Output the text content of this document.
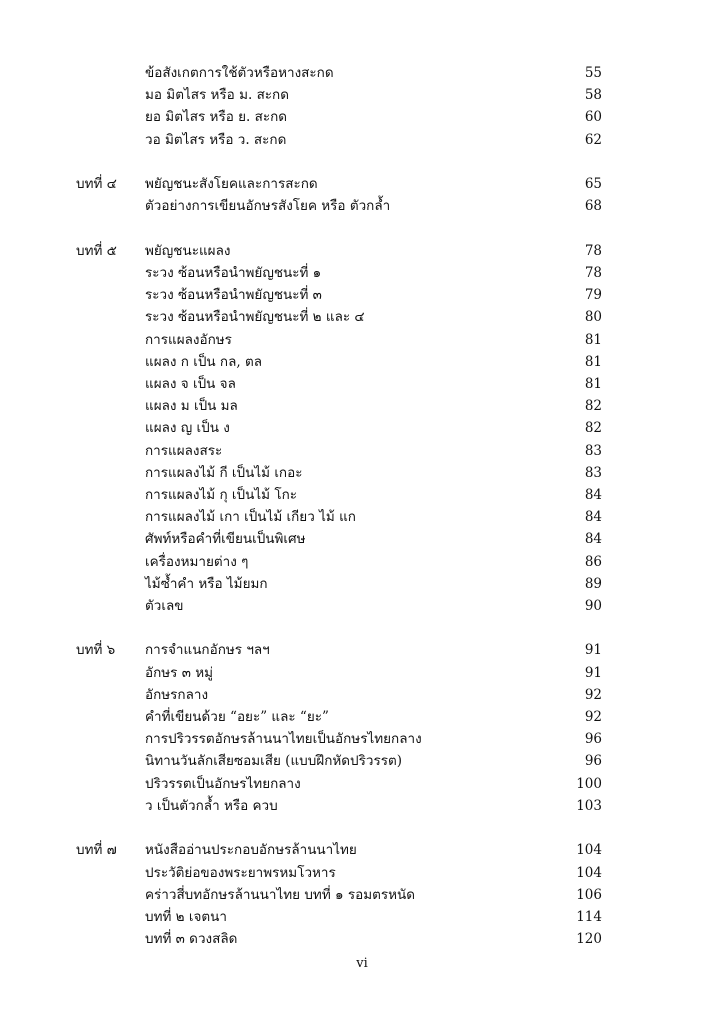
ข้อสังเกตการใช้ตัวหรือหางสะกด	55
มอ มิตไสร หรือ ม. สะกด	58
ยอ มิตไสร หรือ ย. สะกด	60
วอ มิตไสร หรือ ว. สะกด	62
บทที่ ๔ พยัญชนะสังโยคและการสะกด	65
ตัวอย่างการเขียนอักษรสังโยค หรือ ตัวกล้ำ	68
บทที่ ๕ พยัญชนะแผลง	78
ระวง ซ้อนหรือนำพยัญชนะที่ ๑	78
ระวง ซ้อนหรือนำพยัญชนะที่ ๓	79
ระวง ซ้อนหรือนำพยัญชนะที่ ๒ และ ๔	80
การแผลงอักษร	81
แผลง ก เป็น กล, ตล	81
แผลง จ เป็น จล	81
แผลง ม เป็น มล	82
แผลง ญ เป็น ง	82
การแผลงสระ	83
การแผลงไม้ กี เป็นไม้ เกอะ	83
การแผลงไม้ กุ เป็นไม้ โกะ	84
การแผลงไม้ เกา เป็นไม้ เกียว ไม้ แก	84
ศัพท์หรือคำที่เขียนเป็นพิเศษ	84
เครื่องหมายต่าง ๆ	86
ไม้ซ้ำคำ หรือ ไม้ยมก	89
ตัวเลข	90
บทที่ ๖ การจำแนกอักษร ฯลฯ	91
อักษร ๓ หมู่	91
อักษรกลาง	92
คำที่เขียนด้วย “อยะ” และ “ยะ”	92
การปริวรรตอักษรล้านนาไทยเป็นอักษรไทยกลาง	96
นิทานวันลักเสียซอมเสีย (แบบฝึกหัดปริวรรต)	96
ปริวรรตเป็นอักษรไทยกลาง	100
ว เป็นตัวกล้ำ หรือ ควบ	103
บทที่ ๗ หนังสืออ่านประกอบอักษรล้านนาไทย	104
ประวัติย่อของพระยาพรหมโวหาร	104
คร่าวสี่บทอักษรล้านนาไทย บทที่ ๑ รอมตรหนัด	106
บทที่ ๒ เจตนา	114
บทที่ ๓ ดวงสลิด	120
vi
